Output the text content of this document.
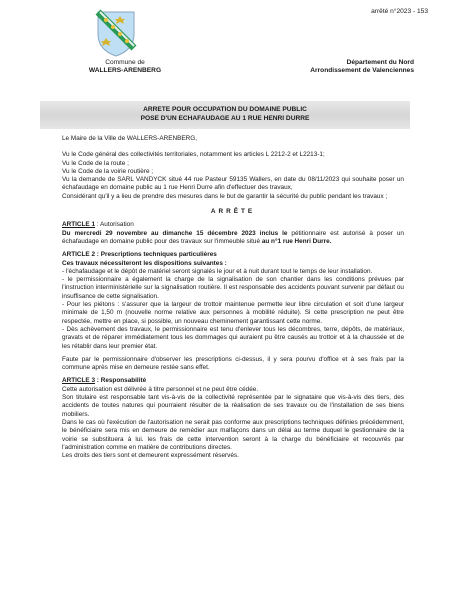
arrêté n°2023 - 153
Commune de
WALLERS-ARENBERG
Département du Nord
Arrondissement de Valenciennes
ARRETE POUR OCCUPATION DU DOMAINE PUBLIC
POSE D'UN ECHAFAUDAGE AU 1 RUE HENRI DURRE

Le Maire de la Ville de WALLERS-ARENBERG,

Vu le Code général des collectivités territoriales, notamment les articles L 2212-2 et L2213-1;

Vu le Code de la route ;

Vu le Code de la voirie routière ;

Vu la demande de SARL VANDYCK situé 44 rue Pasteur 59135 Wallers, en date du 08/11/2023 qui souhaite poser un échafaudage en domaine public au 1 rue Henri Durre afin d'effectuer des travaux,

Considérant qu'il y a lieu de prendre des mesures dans le but de garantir la sécurité du public pendant les travaux ;

ARRÊTE

ARTICLE 1 : Autorisation

Du mercredi 29 novembre au dimanche 15 décembre 2023 inclus le pétitionnaire est autorisé à poser un échafaudage en domaine public pour des travaux sur l'immeuble situé au n°1 rue Henri Durre.

ARTICLE 2 : Prescriptions techniques particulières

Ces travaux nécessiteront les dispositions suivantes :

- l'échafaudage et le dépôt de matériel seront signalés le jour et à nuit durant tout le temps de leur installation.

- le permissionnaire a également la charge de la signalisation de son chantier dans les conditions prévues par l'instruction interministérielle sur la signalisation routière. Il est responsable des accidents pouvant survenir par défaut ou insuffisance de cette signalisation.

- Pour les piétons : s'assurer que la largeur de trottoir maintenue permette leur libre circulation et soit d'une largeur minimale de 1,50 m (nouvelle norme relative aux personnes à mobilité réduite). Si cette prescription ne peut être respectée, mettre en place, si possible, un nouveau cheminement garantissant cette norme.

- Dès achèvement des travaux, le permissionnaire est tenu d'enlever tous les décombres, terre, dépôts, de matériaux, gravats et de réparer immédiatement tous les dommages qui auraient pu être causés au trottoir et à la chaussée et de les rétablir dans leur premier état.

Faute par le permissionnaire d'observer les prescriptions ci-dessus, il y sera pourvu d'office et à ses frais par la commune après mise en demeure restée sans effet.

ARTICLE 3 : Responsabilité

Cette autorisation est délivrée à titre personnel et ne peut être cédée.

Son titulaire est responsable tant vis-à-vis de la collectivité représentée par le signataire que vis-à-vis des tiers, des accidents de toutes natures qui pourraient résulter de la réalisation de ses travaux ou de l'installation de ses biens mobiliers.

Dans le cas où l'exécution de l'autorisation ne serait pas conforme aux prescriptions techniques définies précédemment, le bénéficiaire sera mis en demeure de remédier aux malfaçons dans un délai au terme duquel le gestionnaire de la voirie se substituera à lui. les frais de cette intervention seront à la charge du bénéficiaire et recouvrés par l'administration comme en matière de contributions directes.

Les droits des tiers sont et demeurent expressément réservés.
